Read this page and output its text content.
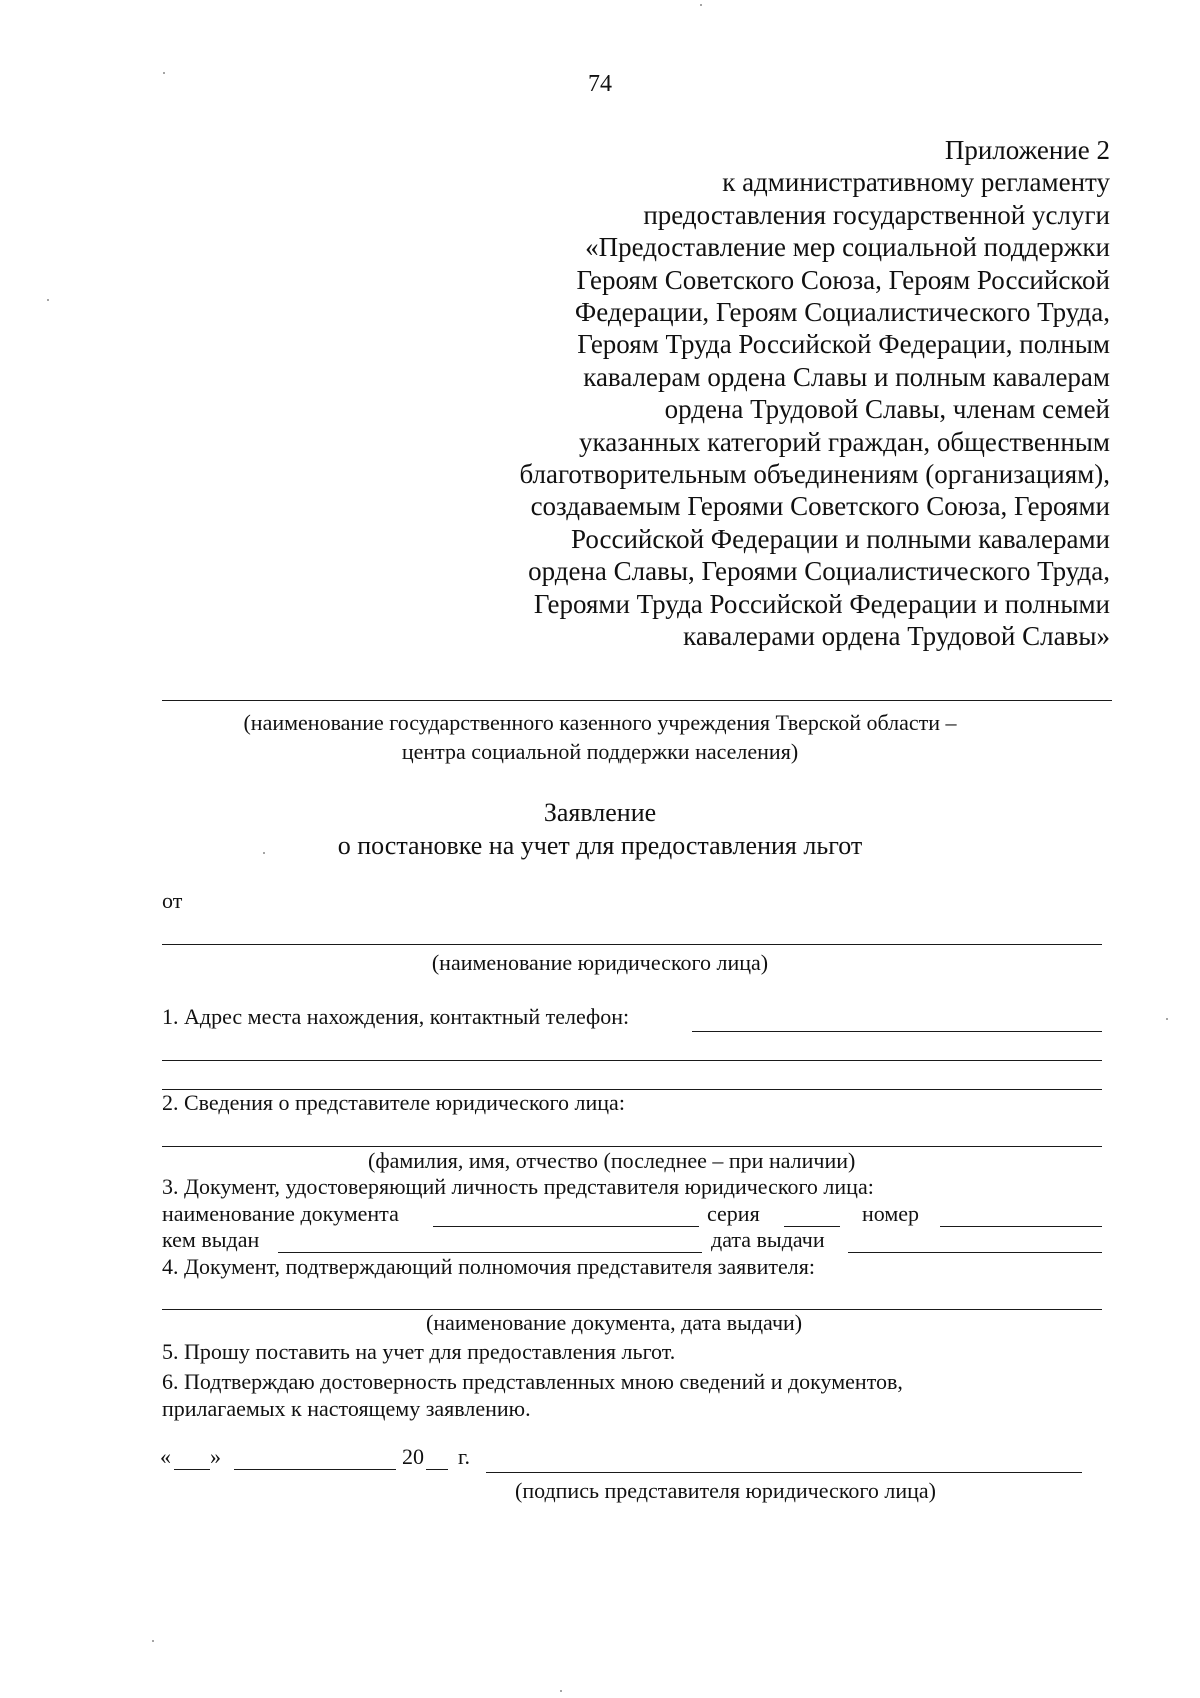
74
Приложение 2
к административному регламенту
предоставления государственной услуги
«Предоставление мер социальной поддержки
Героям Советского Союза, Героям Российской
Федерации, Героям Социалистического Труда,
Героям Труда Российской Федерации, полным
кавалерам ордена Славы и полным кавалерам
ордена Трудовой Славы, членам семей
указанных категорий граждан, общественным
благотворительным объединениям (организациям),
создаваемым Героями Советского Союза, Героями
Российской Федерации и полными кавалерами
ордена Славы, Героями Социалистического Труда,
Героями Труда Российской Федерации и полными
кавалерами ордена Трудовой Славы»
(наименование государственного казенного учреждения Тверской области –
центра социальной поддержки населения)
Заявление
о постановке на учет для предоставления льгот
от
(наименование юридического лица)
1. Адрес места нахождения, контактный телефон:
2. Сведения о представителе юридического лица:
(фамилия, имя, отчество (последнее – при наличии)
3. Документ, удостоверяющий личность представителя юридического лица:
наименование документа	серия	номер
кем выдан	дата выдачи
4. Документ, подтверждающий полномочия представителя заявителя:
(наименование документа, дата выдачи)
5. Прошу поставить на учет для предоставления льгот.
6. Подтверждаю достоверность представленных мною сведений и документов,
прилагаемых к настоящему заявлению.
« »	20 г.
(подпись представителя юридического лица)
